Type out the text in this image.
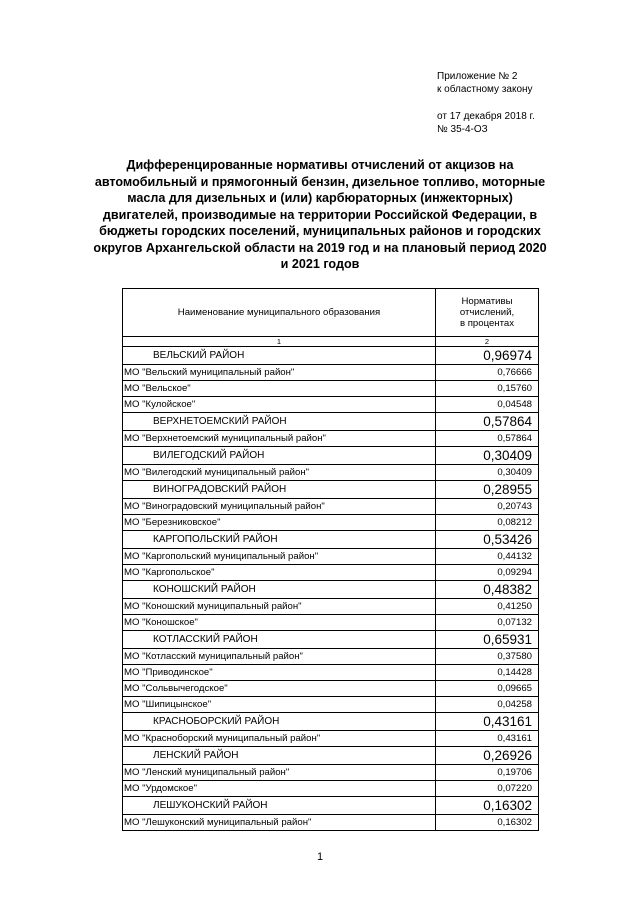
Приложение № 2
к областному закону
от 17 декабря 2018 г.
№ 35-4-ОЗ
Дифференцированные нормативы отчислений от акцизов на автомобильный и прямогонный бензин, дизельное топливо, моторные масла для дизельных и (или) карбюраторных (инжекторных) двигателей, производимые на территории Российской Федерации, в бюджеты городских поселений, муниципальных районов и городских округов Архангельской области на 2019 год и на плановый период 2020 и 2021 годов
Наименование муниципального образования	Нормативы
отчислений,
в процентах
1	2
ВЕЛЬСКИЙ РАЙОН	0,96974
МО "Вельский муниципальный район"	0,76666
МО "Вельское"	0,15760
МО "Кулойское"	0,04548
ВЕРХНЕТОЕМСКИЙ РАЙОН	0,57864
МО "Верхнетоемский муниципальный район"	0,57864
ВИЛЕГОДСКИЙ РАЙОН	0,30409
МО "Вилегодский муниципальный район"	0,30409
ВИНОГРАДОВСКИЙ РАЙОН	0,28955
МО "Виноградовский муниципальный район"	0,20743
МО "Березниковское"	0,08212
КАРГОПОЛЬСКИЙ РАЙОН	0,53426
МО "Каргопольский муниципальный район"	0,44132
МО "Каргопольское"	0,09294
КОНОШСКИЙ РАЙОН	0,48382
МО "Коношский муниципальный район"	0,41250
МО "Коношское"	0,07132
КОТЛАССКИЙ РАЙОН	0,65931
МО "Котласский муниципальный район"	0,37580
МО "Приводинское"	0,14428
МО "Сольвычегодское"	0,09665
МО "Шипицынское"	0,04258
КРАСНОБОРСКИЙ РАЙОН	0,43161
МО "Красноборский муниципальный район"	0,43161
ЛЕНСКИЙ РАЙОН	0,26926
МО "Ленский муниципальный район"	0,19706
МО "Урдомское"	0,07220
ЛЕШУКОНСКИЙ РАЙОН	0,16302
МО "Лешуконский муниципальный район"	0,16302
1
